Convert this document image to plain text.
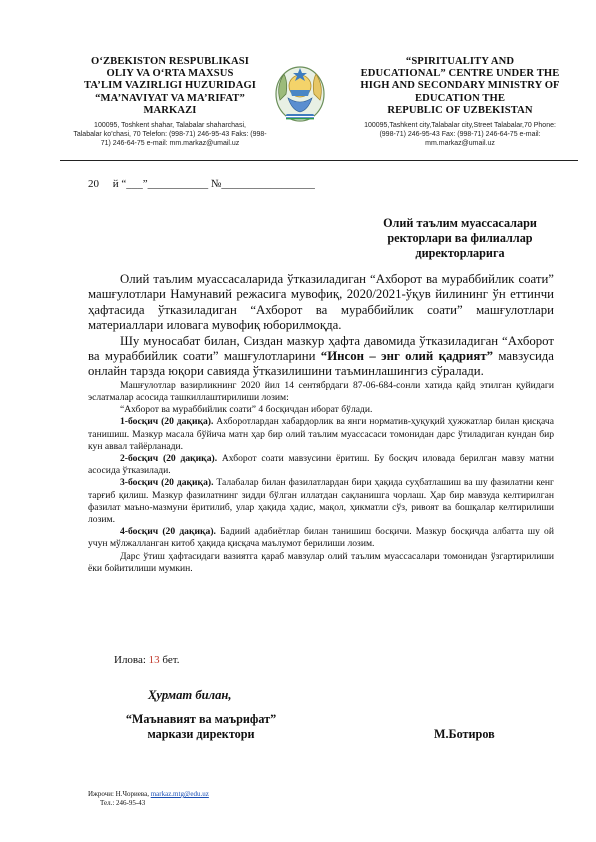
O‘ZBEKISTON RESPUBLIKASI
OLIY VA O‘RTA MAXSUS
TA’LIM VAZIRLIGI HUZURIDAGI
“MA’NAVIYAT VA MA’RIFAT”
MARKAZI
100095, Toshkent shahar, Talabalar shaharchasi,
Talabalar ko’chasi, 70 Telefon: (998-71) 246-95-43 Faks: (998-
71) 246-64-75 e-mail: mm.markaz@umail.uz
“SPIRITUALITY AND
EDUCATIONAL” CENTRE UNDER THE
HIGH AND SECONDARY MINISTRY OF
EDUCATION THE
REPUBLIC OF UZBEKISTAN
100095,Tashkent city,Talabalar city,Street Talabalar,70 Phone:
(998-71) 246-95-43 Fax: (998-71) 246-64-75 e-mail:
mm.markaz@umail.uz
20     й “___”___________ №_________________
Олий таълим муассасалари
ректорлари ва филиаллар
директорларига

Олий таълим муассасаларида ўтказиладиган “Ахборот ва мураббийлик соати” машғулотлари Намунавий режасига мувофиқ, 2020/2021-ўқув йилининг ўн еттинчи ҳафтасида ўтказиладиган “Ахборот ва мураббийлик соати” машғулотлари материаллари иловага мувофиқ юборилмоқда.

Шу муносабат билан, Сиздан мазкур ҳафта давомида ўтказиладиган “Ахборот ва мураббийлик соати” машғулотларини “Инсон – энг олий қадрият” мавзусида онлайн тарзда юқори савияда ўтказилишини таъминлашингиз сўралади.

Машғулотлар вазирликнинг 2020 йил 14 сентябрдаги 87-06-684-сонли хатида қайд этилган қуйидаги эслатмалар асосида ташкиллаштирилиши лозим:

“Ахборот ва мураббийлик соати” 4 босқичдан иборат бўлади.

1-босқич (20 дақиқа). Ахборотлардан хабардорлик ва янги норматив-ҳуқуқий ҳужжатлар билан қисқача танишиш. Мазкур масала бўйича матн ҳар бир олий таълим муассасаси томонидан дарс ўтиладиган кундан бир кун аввал тайёрланади.

2-босқич (20 дақиқа). Ахборот соати мавзусини ёритиш. Бу босқич иловада берилган мавзу матни асосида ўтказилади.

3-босқич (20 дақиқа). Талабалар билан фазилатлардан бири ҳақида суҳбатлашиш ва шу фазилатни кенг тарғиб қилиш. Мазкур фазилатнинг зидди бўлган иллатдан сақланишга чорлаш. Ҳар бир мавзуда келтирилган фазилат маъно-мазмуни ёритилиб, улар ҳақида ҳадис, мақол, ҳикматли сўз, ривоят ва бошқалар келтирилиши лозим.

4-босқич (20 дақиқа). Бадиий адабиётлар билан танишиш босқичи. Мазкур босқичда албатта шу ой учун мўлжалланган китоб ҳақида қисқача маълумот берилиши лозим.

Дарс ўтиш ҳафтасидаги вазиятга қараб мавзулар олий таълим муассасалари томонидан ўзгартирилиши ёки бойитилиши мумкин.

Илова: 13 бет.
Ҳурмат билан,
“Маънавият ва маърифат”
маркази директори	М.Ботиров
Ижрочи: Н.Чориева, markaz.mtg@edu.uz
Тел.: 246-95-43
